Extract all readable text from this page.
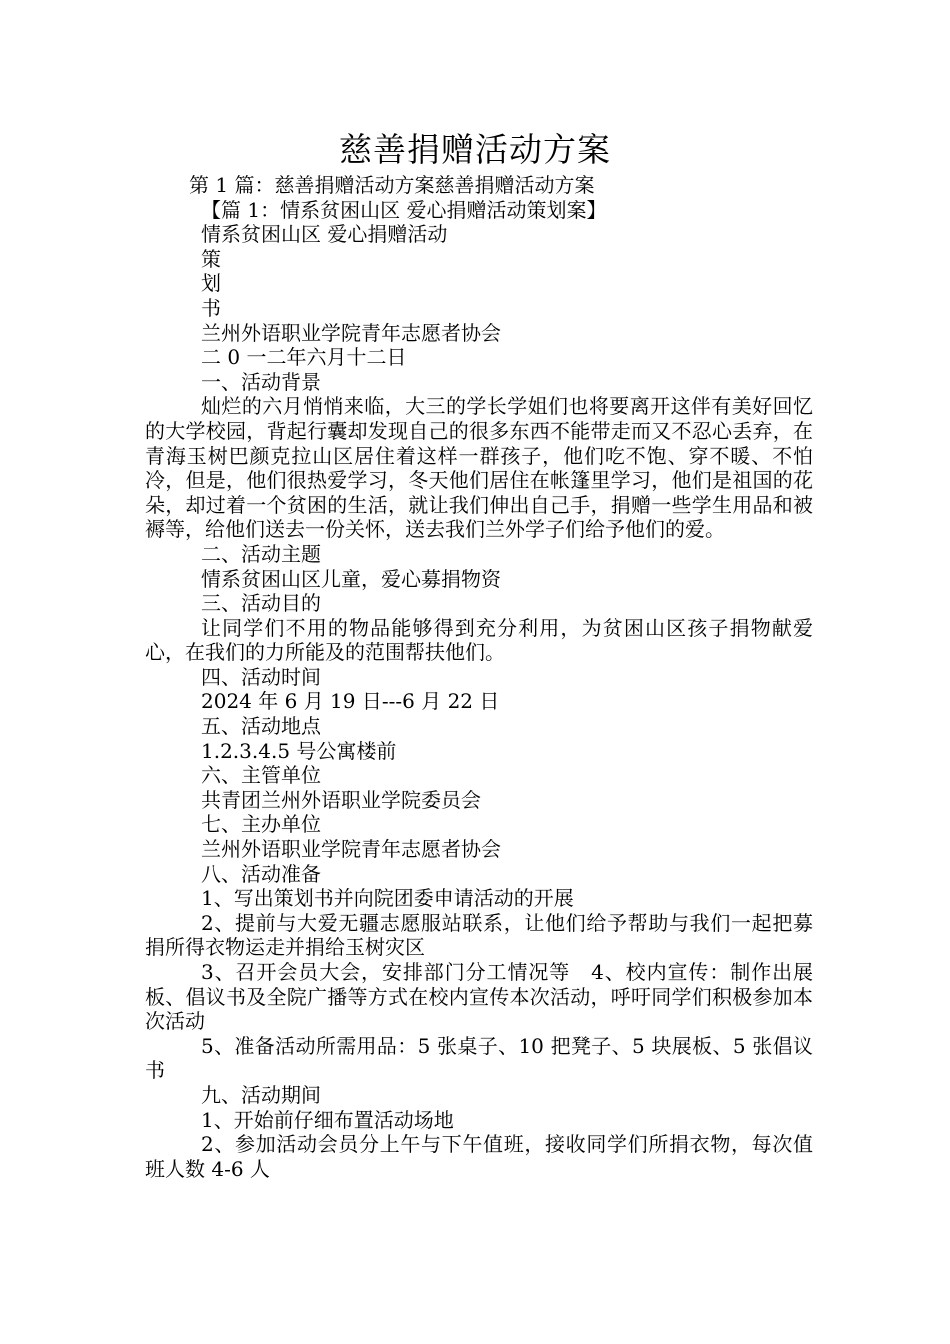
慈善捐赠活动方案
第 1 篇：慈善捐赠活动方案慈善捐赠活动方案
【篇 1：情系贫困山区 爱心捐赠活动策划案】
情系贫困山区 爱心捐赠活动
策
划
书
兰州外语职业学院青年志愿者协会
二 0 一二年六月十二日
一、活动背景

灿烂的六月悄悄来临，大三的学长学姐们也将要离开这伴有美好回忆的大学校园，背起行囊却发现自己的很多东西不能带走而又不忍心丢弃，在青海玉树巴颜克拉山区居住着这样一群孩子，他们吃不饱、穿不暖、不怕冷，但是，他们很热爱学习，冬天他们居住在帐篷里学习，他们是祖国的花朵，却过着一个贫困的生活，就让我们伸出自己手，捐赠一些学生用品和被褥等，给他们送去一份关怀，送去我们兰外学子们给予他们的爱。

二、活动主题
情系贫困山区儿童，爱心募捐物资
三、活动目的

让同学们不用的物品能够得到充分利用，为贫困山区孩子捐物献爱心，在我们的力所能及的范围帮扶他们。

四、活动时间
2024 年 6 月 19 日---6 月 22 日
五、活动地点
1.2.3.4.5 号公寓楼前
六、主管单位
共青团兰州外语职业学院委员会
七、主办单位
兰州外语职业学院青年志愿者协会
八、活动准备
1、写出策划书并向院团委申请活动的开展

2、提前与大爱无疆志愿服站联系，让他们给予帮助与我们一起把募捐所得衣物运走并捐给玉树灾区

3、召开会员大会，安排部门分工情况等　4、校内宣传：制作出展板、倡议书及全院广播等方式在校内宣传本次活动，呼吁同学们积极参加本次活动

5、准备活动所需用品：5 张桌子、10 把凳子、5 块展板、5 张倡议书

九、活动期间
1、开始前仔细布置活动场地

2、参加活动会员分上午与下午值班，接收同学们所捐衣物，每次值班人数 4-6 人
